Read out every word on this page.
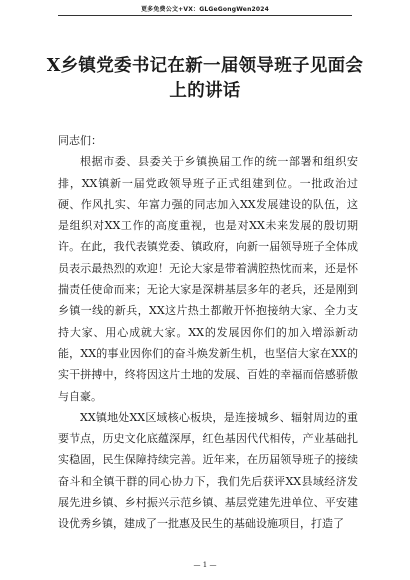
更多免费公文+VX：GLGeGongWen2024
X乡镇党委书记在新一届领导班子见面会上的讲话

同志们：

根据市委、县委关于乡镇换届工作的统一部署和组织安排，XX镇新一届党政领导班子正式组建到位。一批政治过硬、作风扎实、年富力强的同志加入XX发展建设的队伍，这是组织对XX工作的高度重视，也是对XX未来发展的殷切期许。在此，我代表镇党委、镇政府，向新一届领导班子全体成员表示最热烈的欢迎！无论大家是带着满腔热忱而来，还是怀揣责任使命而来；无论大家是深耕基层多年的老兵，还是刚到乡镇一线的新兵，XX这片热土都敞开怀抱接纳大家、全力支持大家、用心成就大家。XX的发展因你们的加入增添新动能，XX的事业因你们的奋斗焕发新生机，也坚信大家在XX的实干拼搏中，终将因这片土地的发展、百姓的幸福而倍感骄傲与自豪。

XX镇地处XX区域核心板块，是连接城乡、辐射周边的重要节点，历史文化底蕴深厚，红色基因代代相传，产业基础扎实稳固，民生保障持续完善。近年来，在历届领导班子的接续奋斗和全镇干群的同心协力下，我们先后获评XX县域经济发展先进乡镇、乡村振兴示范乡镇、基层党建先进单位、平安建设优秀乡镇，建成了一批惠及民生的基础设施项目，打造了

— 1 —
